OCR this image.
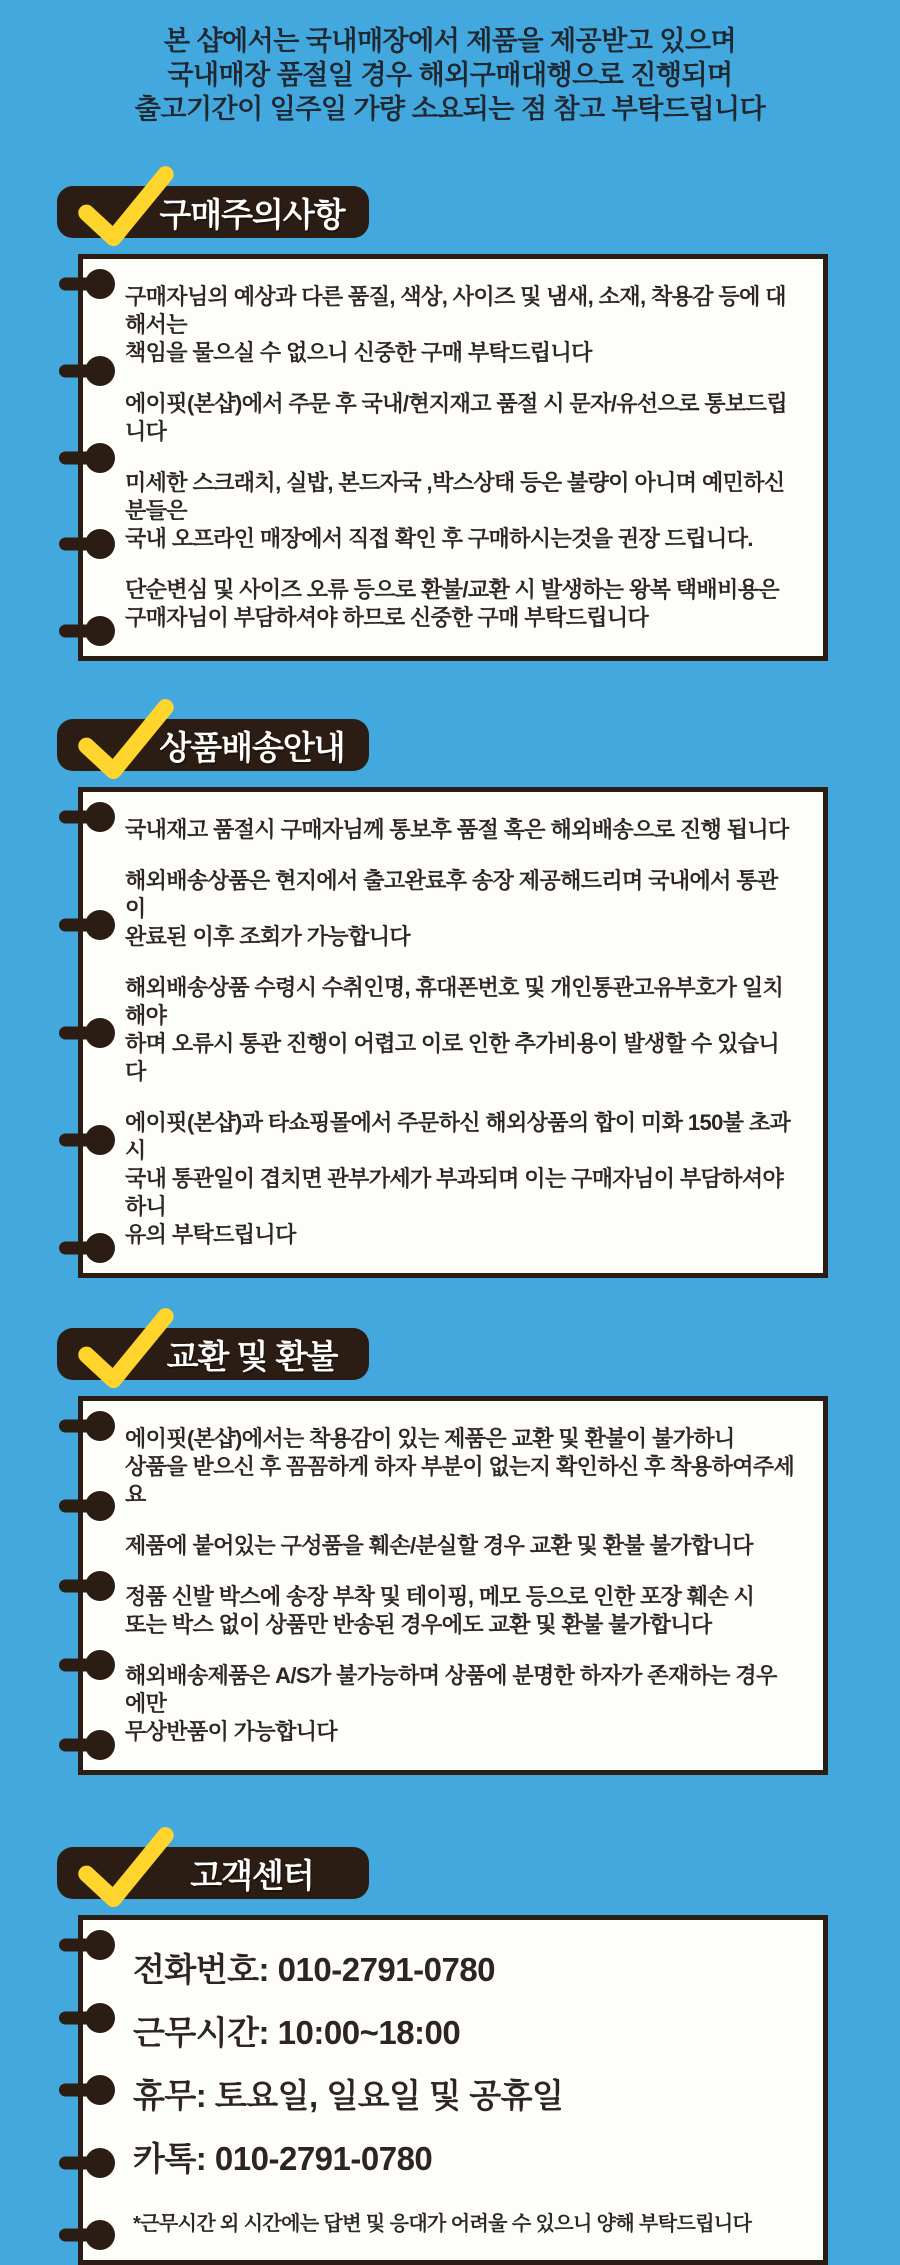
본 샵에서는 국내매장에서 제품을 제공받고 있으며
국내매장 품절일 경우 해외구매대행으로 진행되며
출고기간이 일주일 가량 소요되는 점 참고 부탁드립니다
구매주의사항
구매자님의 예상과 다른 품질, 색상, 사이즈 및 냄새, 소재, 착용감 등에 대해서는
책임을 물으실 수 없으니 신중한 구매 부탁드립니다
에이핏(본샵)에서 주문 후 국내/현지재고 품절 시 문자/유선으로 통보드립니다
미세한 스크래치, 실밥, 본드자국 ,박스상태 등은 불량이 아니며 예민하신 분들은
국내 오프라인 매장에서 직접 확인 후 구매하시는것을 권장 드립니다.
단순변심 및 사이즈 오류 등으로 환불/교환 시 발생하는 왕복 택배비용은
구매자님이 부담하셔야 하므로 신중한 구매 부탁드립니다
상품배송안내
국내재고 품절시 구매자님께 통보후 품절 혹은 해외배송으로 진행 됩니다
해외배송상품은 현지에서 출고완료후 송장 제공해드리며 국내에서 통관이
완료된 이후 조회가 가능합니다
해외배송상품 수령시 수취인명, 휴대폰번호 및 개인통관고유부호가 일치해야
하며 오류시 통관 진행이 어렵고 이로 인한 추가비용이 발생할 수 있습니다
에이핏(본샵)과 타쇼핑몰에서 주문하신 해외상품의 합이 미화 150불 초과시
국내 통관일이 겹치면 관부가세가 부과되며 이는 구매자님이 부담하셔야 하니
유의 부탁드립니다
교환 및 환불
에이핏(본샵)에서는 착용감이 있는 제품은 교환 및 환불이 불가하니
상품을 받으신 후 꼼꼼하게 하자 부분이 없는지 확인하신 후 착용하여주세요
제품에 붙어있는 구성품을 훼손/분실할 경우 교환 및 환불 불가합니다
정품 신발 박스에 송장 부착 및 테이핑, 메모 등으로 인한 포장 훼손 시
또는 박스 없이 상품만 반송된 경우에도 교환 및 환불 불가합니다
해외배송제품은 A/S가 불가능하며 상품에 분명한 하자가 존재하는 경우에만
무상반품이 가능합니다
고객센터
전화번호: 010-2791-0780
근무시간: 10:00~18:00
휴무: 토요일, 일요일 및 공휴일
카톡: 010-2791-0780
*근무시간 외 시간에는 답변 및 응대가 어려울 수 있으니 양해 부탁드립니다
